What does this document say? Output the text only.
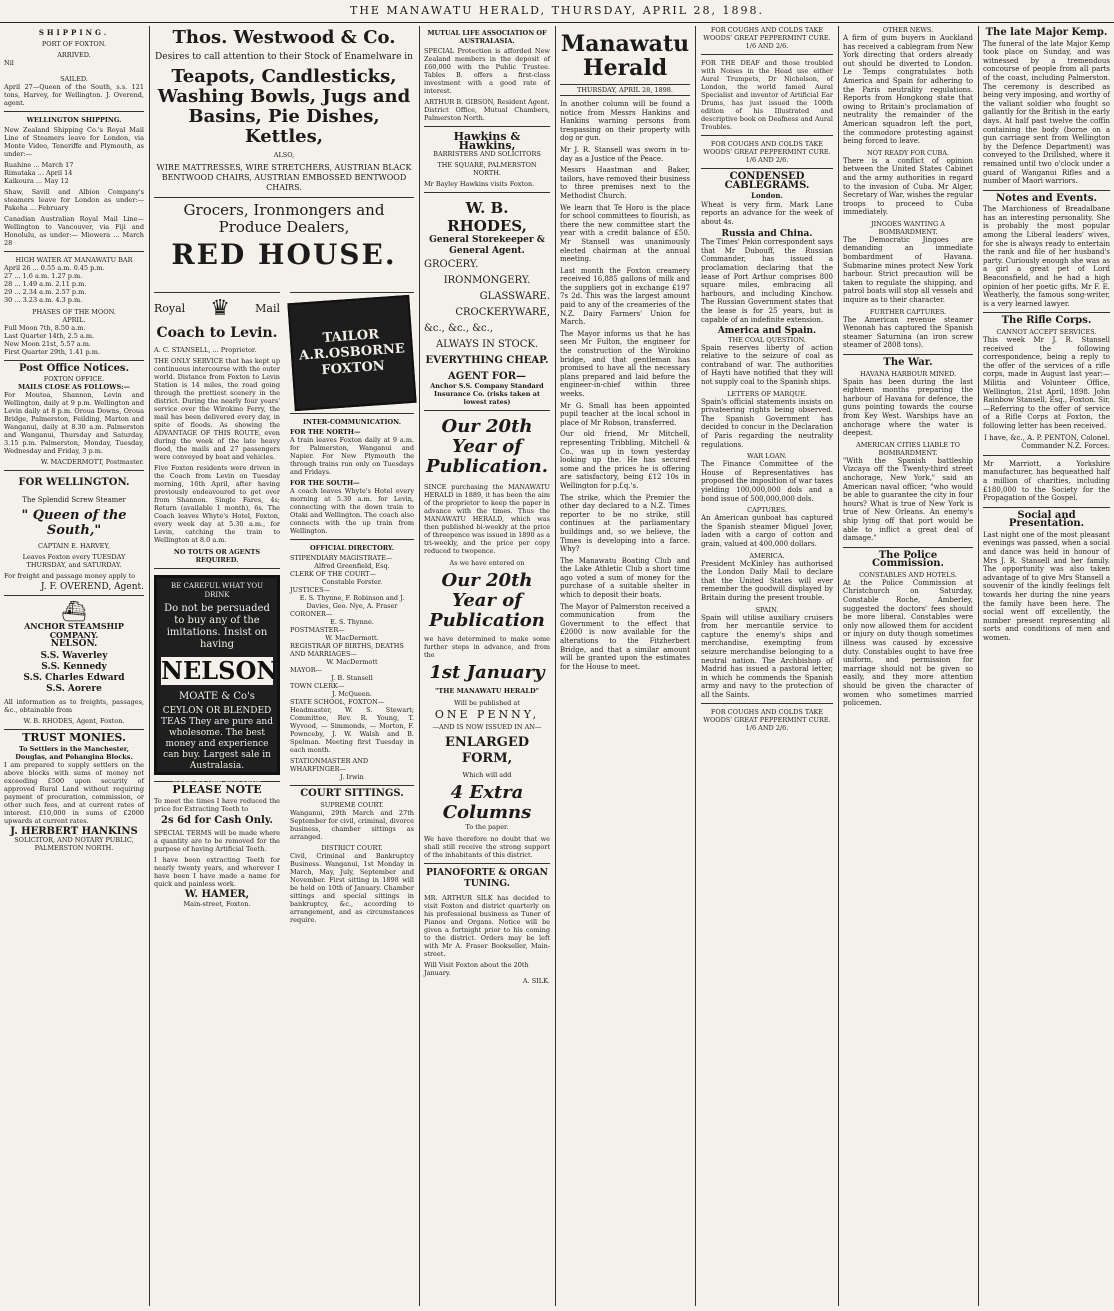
THE MANAWATU HERALD, THURSDAY, APRIL 28, 1898.
SHIPPING.
PORT OF FOXTON.
ARRIVED.
Nil
SAILED.

April 27—Queen of the South, s.s. 121 tons, Harvey, for Wellington. J. Overend, agent.

WELLINGTON SHIPPING.

New Zealand Shipping Co.'s Royal Mail Line of Steamers leave for London, via Monte Video, Teneriffe and Plymouth, as under:—

Ruahine ... March 17
Rimutaka ... April 14
Kaikoura ... May 12

Shaw, Savill and Albion Company's steamers leave for London as under:— Pakeha ... February

Canadian Australian Royal Mail Line— Wellington to Vancouver, via Fiji and Honolulu, as under:— Miowera ... March 28

HIGH WATER AT MANAWATU BAR
April 26 ... 0.55 a.m. 0.45 p.m.
27 ... 1.6 a.m. 1.27 p.m.
28 ... 1.49 a.m. 2.11 p.m.
29 ... 2.34 a.m. 2.57 p.m.
30 ... 3.23 a.m. 4.3 p.m.
PHASES OF THE MOON.
APRIL.
Full Moon 7th, 8.50 a.m.
Last Quarter 14th, 2.5 a.m.
New Moon 21st, 5.57 a.m.
First Quarter 29th, 1.41 p.m.
Post Office Notices.
FOXTON OFFICE.
MAILS CLOSE AS FOLLOWS:—

For Moutoa, Shannon, Levin and Wellington, daily at 9 p.m. Wellington and Levin daily at 8 p.m. Oroua Downs, Oroua Bridge, Palmerston, Feilding, Marton and Wanganui, daily at 8.30 a.m. Palmerston and Wanganui, Thursday and Saturday, 3.15 p.m. Palmerston, Monday, Tuesday, Wednesday and Friday, 3 p.m.

W. MACDERMOTT, Postmaster.
FOR WELLINGTON.
The Splendid Screw Steamer
" Queen of the South,"
CAPTAIN E. HARVEY,
Leaves Foxton every TUESDAY THURSDAY, and SATURDAY.

For freight and passage money apply to

J. F. OVEREND, Agent.
⛴
ANCHOR STEAMSHIP COMPANY.
NELSON.
S.S. Waverley
S.S. Kennedy
S.S. Charles Edward
S.S. Aorere

All information as to freights, passages, &c., obtainable from

W. B. RHODES, Agent, Foxton.
TRUST MONIES.
To Settlers in the Manchester, Douglas, and Pohangina Blocks.

I am prepared to supply settlers on the above blocks with sums of money not exceeding £500 upon security of approved Rural Land without requiring payment of procuration, commission, or other such fees, and at current rates of interest. £10,000 in sums of £2000 upwards at current rates.

J. HERBERT HANKINS
SOLICITOR, AND NOTARY PUBLIC, PALMERSTON NORTH.
Thos. Westwood & Co.
Desires to call attention to their Stock of Enamelware in
Teapots, Candlesticks, Washing Bowls, Jugs and Basins, Pie Dishes, Kettles,
ALSO,
WIRE MATTRESSES, WIRE STRETCHERS, AUSTRIAN BLACK BENTWOOD CHAIRS, AUSTRIAN EMBOSSED BENTWOOD CHAIRS.
Grocers, Ironmongers and Produce Dealers,
RED HOUSE.
Royal ♛ Mail
Coach to Levin.
A. C. STANSELL, ... Proprietor.

THE ONLY SERVICE that has kept up continuous intercourse with the outer world. Distance from Foxton to Levin Station is 14 miles, the road going through the prettiest scenery in the district. During the nearly four years' service over the Wirokino Ferry, the mail has been delivered every day, in spite of floods. As showing the ADVANTAGE OF THIS ROUTE, even during the week of the late heavy flood, the mails and 27 passengers were conveyed by boat and vehicles.

Five Foxton residents were driven in the Coach from Levin on Tuesday morning, 16th April, after having previously endeavoured to get over from Shannon. Single Fares, 4s; Return (available 1 month), 6s. The Coach leaves Whyte's Hotel, Foxton, every week day at 5.30 a.m., for Levin, catching the train to Wellington at 8.0 a.m.

NO TOUTS OR AGENTS REQUIRED.
BE CAREFUL WHAT YOU DRINK
Do not be persuaded to buy any of the imitations. Insist on having
NELSON
MOATE & Co's
CEYLON OR BLENDED TEAS They are pure and wholesome. The best money and experience can buy. Largest sale in Australasia.
SOLD BY ALL GROCERS
PLEASE NOTE

To meet the times I have reduced the price for Extracting Teeth to

2s 6d for Cash Only.

SPECIAL TERMS will be made where a quantity are to be removed for the purpose of having Artificial Teeth.

I have been extracting Teeth for nearly twenty years, and wherever I have been I have made a name for quick and painless work.

W. HAMER,
Main-street, Foxton.
TAILOR A.R.OSBORNE FOXTON
INTER-COMMUNICATION.
FOR THE NORTH—

A train leaves Foxton daily at 9 a.m. for Palmerston, Wanganui and Napier. For New Plymouth the through trains run only on Tuesdays and Fridays.

FOR THE SOUTH—

A coach leaves Whyte's Hotel every morning at 5.30 a.m. for Levin, connecting with the down train to Otaki and Wellington. The coach also connects with the up train from Wellington.

OFFICIAL DIRECTORY.
STIPENDIARY MAGISTRATE—
Alfred Greenfield, Esq.
CLERK OF THE COURT—
Constable Forster.
JUSTICES—
E. S. Thynne, F. Robinson and J. Davies, Geo. Nye, A. Fraser
CORONER—
E. S. Thynne.
POSTMASTER—
W. MacDermott.
REGISTRAR OF BIRTHS, DEATHS AND MARRIAGES—
W. MacDermott
MAYOR—
J. B. Stansell
TOWN CLERK—
J. McQueen.
STATE SCHOOL, FOXTON—

Headmaster, W. S. Stewart; Committee, Rev. R. Young, T. Wyvood, — Simmonds, — Morton, F. Pownceby, J. W. Walsh and B. Spelman. Meeting first Tuesday in each month.

STATIONMASTER AND WHARFINGER—
J. Irwin
COURT SITTINGS.
SUPREME COURT.

Wanganui, 29th March and 27th September for civil, criminal, divorce business, chamber sittings as arranged.

DISTRICT COURT.

Civil, Criminal and Bankruptcy Business. Wanganui, 1st Monday in March, May, July, September and November. First sitting in 1898 will be held on 10th of January. Chamber sittings and special sittings in bankruptcy, &c., according to arrangement, and as circumstances require.

MUTUAL LIFE ASSOCIATION OF AUSTRALASIA.

SPECIAL Protection is afforded New Zealand members in the deposit of £60,000 with the Public Trustee. Tables B. offers a first-class investment with a good rate of interest.

ARTHUR B. GIBSON, Resident Agent.

District Office, Mutual Chambers, Palmerston North.

Hawkins & Hawkins,
BARRISTERS AND SOLICITORS
THE SQUARE, PALMERSTON NORTH.
Mr Bayley Hawkins visits Foxton.
W. B. RHODES,
General Storekeeper & General Agent.
GROCERY.
IRONMONGERY.
GLASSWARE.
CROCKERYWARE,
&c., &c., &c.,
ALWAYS IN STOCK.
EVERYTHING CHEAP.
AGENT FOR—
Anchor S.S. Company Standard Insurance Co. (risks taken at lowest rates)
Our 20th Year of Publication.

SINCE purchasing the MANAWATU HERALD in 1889, it has been the aim of the proprietor to keep the paper in advance with the times. Thus the MANAWATU HERALD, which was then published bi-weekly at the price of threepence was issued in 1890 as a tri-weekly, and the price per copy reduced to twopence.

As we have entered on
Our 20th Year of Publication

we have determined to make some further steps in advance, and from the

1st January
"THE MANAWATU HERALD"
Will be published at
ONE PENNY,
—AND IS NOW ISSUED IN AN—
ENLARGED FORM,
Which will add
4 Extra Columns
To the paper.

We have therefore no doubt that we shall still receive the strong support of the inhabitants of this district.

PIANOFORTE & ORGAN TUNING.

MR. ARTHUR SILK has decided to visit Foxton and district quarterly on his professional business as Tuner of Pianos and Organs. Notice will be given a fortnight prior to his coming to the district. Orders may be left with Mr A. Fraser Bookseller, Main-street.

Will Visit Foxton about the 20th January.
A. SILK.
Manawatu Herald
THURSDAY, APRIL 28, 1898.

In another column will be found a notice from Messrs Hankins and Hankins warning persons from trespassing on their property with dog or gun.

Mr J. R. Stansell was sworn in to-day as a Justice of the Peace.

Messrs Haastman and Baker, tailors, have removed their business to three premises next to the Methodist Church.

We learn that Te Horo is the place for school committees to flourish, as there the new committee start the year with a credit balance of £50. Mr Stansell was unanimously elected chairman at the annual meeting.

Last month the Foxton creamery received 16,885 gallons of milk and the suppliers got in exchange £197 7s 2d. This was the largest amount paid to any of the creameries of the N.Z. Dairy Farmers' Union for March.

The Mayor informs us that he has seen Mr Fulton, the engineer for the construction of the Wirokino bridge, and that gentleman has promised to have all the necessary plans prepared and laid before the engineer-in-chief within three weeks.

Mr G. Small has been appointed pupil teacher at the local school in place of Mr Robson, transferred.

Our old friend, Mr Mitchell, representing Tribbling, Mitchell & Co., was up in town yesterday looking up the. He has secured some and the prices he is offering are satisfactory, being £12 10s in Wellington for p.f.q.'s.

The strike, which the Premier the other day declared to a N.Z. Times reporter to be no strike, still continues at the parliamentary buildings and, so we believe, the Times is developing into a farce. Why?

The Manawatu Boating Club and the Lake Athletic Club a short time ago voted a sum of money for the purchase of a suitable shelter in which to deposit their boats.

The Mayor of Palmerston received a communication from the Government to the effect that £2000 is now available for the alterations to the Fitzherbert Bridge, and that a similar amount will be granted upon the estimates for the House to meet.

FOR COUGHS AND COLDS TAKE WOODS' GREAT PEPPERMINT CURE. 1/6 AND 2/6.

FOR THE DEAF and those troubled with Noises in the Head use either Aural Trumpets, Dr Nicholson, of London, the world famed Aural Specialist and inventor of Artificial Ear Drums, has just issued the 100th edition of his Illustrated and descriptive book on Deafness and Aural Troubles.

FOR COUGHS AND COLDS TAKE WOODS' GREAT PEPPERMINT CURE. 1/6 AND 2/6.
CONDENSED CABLEGRAMS.
London.

Wheat is very firm. Mark Lane reports an advance for the week of about 4s.

Russia and China.

The Times' Pekin correspondent says that Mr Dubouff, the Russian Commander, has issued a proclamation declaring that the lease of Port Arthur comprises 800 square miles, embracing all harbours, and including Kinchow. The Russian Government states that the lease is for 25 years, but is capable of an indefinite extension.

America and Spain.
THE COAL QUESTION.

Spain reserves liberty of action relative to the seizure of coal as contraband of war. The authorities of Hayti have notified that they will not supply coal to the Spanish ships.

LETTERS OF MARQUE.

Spain's official statements insists on privateering rights being observed. The Spanish Government has decided to concur in the Declaration of Paris regarding the neutrality regulations.

WAR LOAN.

The Finance Committee of the House of Representatives has proposed the imposition of war taxes yielding 100,000,000 dols and a bond issue of 500,000,000 dols.

CAPTURES.

An American gunboat has captured the Spanish steamer Miguel Jover, laden with a cargo of cotton and grain, valued at 400,000 dollars.

AMERICA.

President McKinley has authorised the London Daily Mail to declare that the United States will ever remember the goodwill displayed by Britain during the present trouble.

SPAIN.

Spain will utilise auxiliary cruisers from her mercantile service to capture the enemy's ships and merchandise, exempting from seizure merchandise belonging to a neutral nation. The Archbishop of Madrid has issued a pastoral letter, in which he commends the Spanish army and navy to the protection of all the Saints.

FOR COUGHS AND COLDS TAKE WOODS' GREAT PEPPERMINT CURE. 1/6 AND 2/6.
OTHER NEWS.

A firm of gum buyers in Auckland has received a cablegram from New York directing that orders already out should be diverted to London. Le Temps congratulates both America and Spain for adhering to the Paris neutrality regulations. Reports from Hongkong state that owing to Britain's proclamation of neutrality the remainder of the American squadron left the port, the commodore protesting against being forced to leave.

NOT READY FOR CUBA.

There is a conflict of opinion between the United States Cabinet and the army authorities in regard to the invasion of Cuba. Mr Alger, Secretary of War, wishes the regular troops to proceed to Cuba immediately.

JINGOES WANTING A BOMBARDMENT.

The Democratic Jingoes are demanding an immediate bombardment of Havana. Submarine mines protect New York harbour. Strict precaution will be taken to regulate the shipping, and patrol boats will stop all vessels and inquire as to their character.

FURTHER CAPTURES.

The American revenue steamer Wenonah has captured the Spanish steamer Saturnina (an iron screw steamer of 2808 tons).

The War.
HAVANA HARBOUR MINED.

Spain has been during the last eighteen months preparing the harbour of Havana for defence, the guns pointing towards the course from Key West. Warships have an anchorage where the water is deepest.

AMERICAN CITIES LIABLE TO BOMBARDMENT.

"With the Spanish battleship Vizcaya off the Twenty-third street anchorage, New York," said an American naval officer, "who would be able to guarantee the city in four hours? What is true of New York is true of New Orleans. An enemy's ship lying off that port would be able to inflict a great deal of damage."

The Police Commission.
CONSTABLES AND HOTELS.

At the Police Commission at Christchurch on Saturday, Constable Roche, Amberley, suggested the doctors' fees should be more liberal. Constables were only now allowed them for accident or injury on duty though sometimes illness was caused by excessive duty. Constables ought to have free uniform, and permission for marriage should not be given so easily, and they more attention should be given the character of women who sometimes married policemen.

The late Major Kemp.

The funeral of the late Major Kemp took place on Sunday, and was witnessed by a tremendous concourse of people from all parts of the coast, including Palmerston. The ceremony is described as being very imposing, and worthy of the valiant soldier who fought so gallantly for the British in the early days. At half past twelve the coffin containing the body (borne on a gun carriage sent from Wellington by the Defence Department) was conveyed to the Drillshed, where it remained until two o'clock under a guard of Wanganui Rifles and a number of Maori warriors.

Notes and Events.

The Marchioness of Breadalbane has an interesting personality. She is probably the most popular among the Liberal leaders' wives, for she is always ready to entertain the rank and file of her husband's party. Curiously enough she was as a girl a great pet of Lord Beaconsfield, and he had a high opinion of her poetic gifts. Mr F. E. Weatherly, the famous song-writer, is a very learned lawyer.

The Rifle Corps.
CANNOT ACCEPT SERVICES.

This week Mr J. R. Stansell received the following correspondence, being a reply to the offer of the services of a rifle corps, made in August last year:— Militia and Volunteer Office, Wellington, 21st April, 1898. John Rainbow Stansell, Esq., Foxton. Sir,—Referring to the offer of service of a Rifle Corps at Foxton, the following letter has been received.

I have, &c., A. P. PENTON, Colonel. Commander N.Z. Forces.

Mr Marriott, a Yorkshire manufacturer, has bequeathed half a million of charities, including £180,000 to the Society for the Propagation of the Gospel.

Social and Presentation.

Last night one of the most pleasant evenings was passed, when a social and dance was held in honour of Mrs J. R. Stansell and her family. The opportunity was also taken advantage of to give Mrs Stansell a souvenir of the kindly feelings felt towards her during the nine years the family have been here. The social went off excellently, the number present representing all sorts and conditions of men and women.
